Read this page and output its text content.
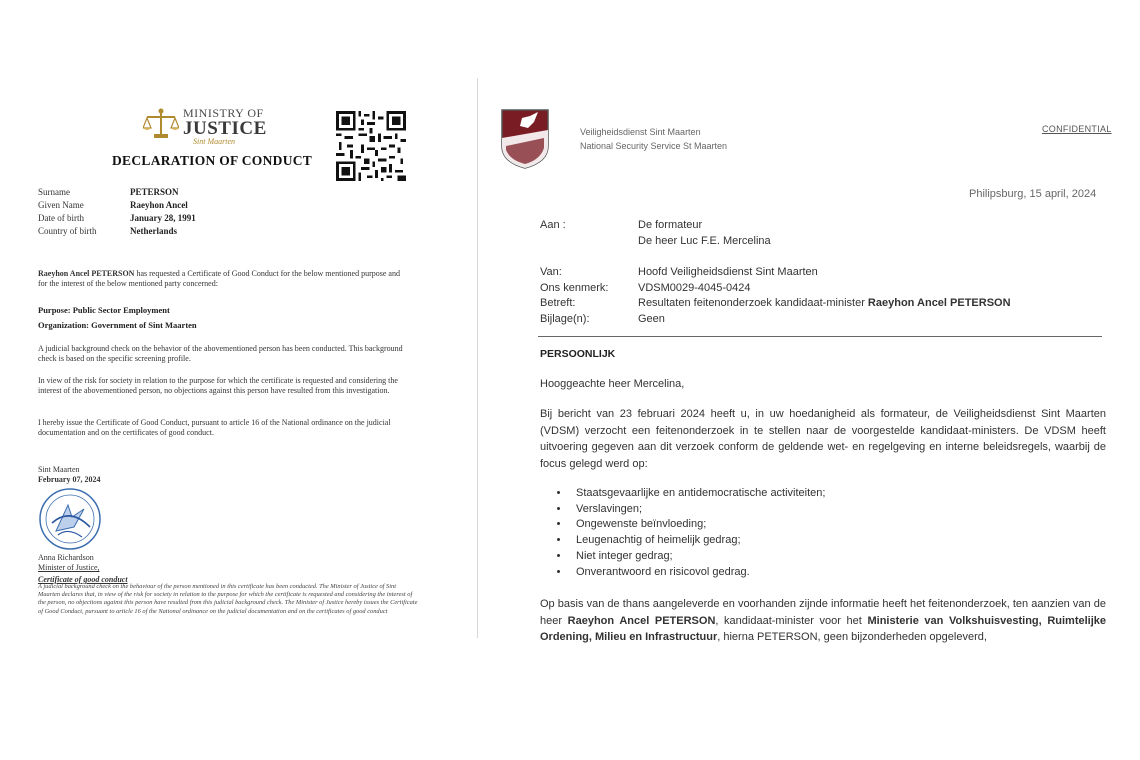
MINISTRY OF
JUSTICE
Sint Maarten
DECLARATION OF CONDUCT
Surname	PETERSON
Given Name	Raeyhon Ancel
Date of birth	January 28, 1991
Country of birth	Netherlands
Raeyhon Ancel PETERSON has requested a Certificate of Good Conduct for the below mentioned purpose and for the interest of the below mentioned party concerned:
Purpose: Public Sector Employment
Organization: Government of Sint Maarten
A judicial background check on the behavior of the abovementioned person has been conducted. This background check is based on the specific screening profile.
In view of the risk for society in relation to the purpose for which the certificate is requested and considering the interest of the abovementioned person, no objections against this person have resulted from this investigation.
I hereby issue the Certificate of Good Conduct, pursuant to article 16 of the National ordinance on the judicial documentation and on the certificates of good conduct.
Sint Maarten
February 07, 2024
Anna Richardson
Minister of Justice,
Certificate of good conduct
A judicial background check on the behaviour of the person mentioned in this certificate has been conducted. The Minister of Justice of Sint Maarten declares that, in view of the risk for society in relation to the purpose for which the certificate is requested and considering the interest of the person, no objections against this person have resulted from this judicial background check. The Minister of Justice hereby issues the Certificate of Good Conduct, pursuant to article 16 of the National ordinance on the judicial documentation and on the certificates of good conduct
Veiligheidsdienst Sint Maarten
National Security Service St Maarten
CONFIDENTIAL
Philipsburg, 15 april, 2024
Aan :	De formateur
De heer Luc F.E. Mercelina
Van:	Hoofd Veiligheidsdienst Sint Maarten
Ons kenmerk:	VDSM0029-4045-0424
Betreft:	Resultaten feitenonderzoek kandidaat-minister Raeyhon Ancel PETERSON
Bijlage(n):	Geen
PERSOONLIJK
Hooggeachte heer Mercelina,
Bij bericht van 23 februari 2024 heeft u, in uw hoedanigheid als formateur, de Veiligheidsdienst Sint Maarten (VDSM) verzocht een feitenonderzoek in te stellen naar de voorgestelde kandidaat-ministers. De VDSM heeft uitvoering gegeven aan dit verzoek conform de geldende wet- en regelgeving en interne beleidsregels, waarbij de focus gelegd werd op:
• Staatsgevaarlijke en antidemocratische activiteiten;
• Verslavingen;
• Ongewenste beïnvloeding;
• Leugenachtig of heimelijk gedrag;
• Niet integer gedrag;
• Onverantwoord en risicovol gedrag.
Op basis van de thans aangeleverde en voorhanden zijnde informatie heeft het feitenonderzoek, ten aanzien van de heer Raeyhon Ancel PETERSON, kandidaat-minister voor het Ministerie van Volkshuisvesting, Ruimtelijke Ordening, Milieu en Infrastructuur, hierna PETERSON, geen bijzonderheden opgeleverd,
